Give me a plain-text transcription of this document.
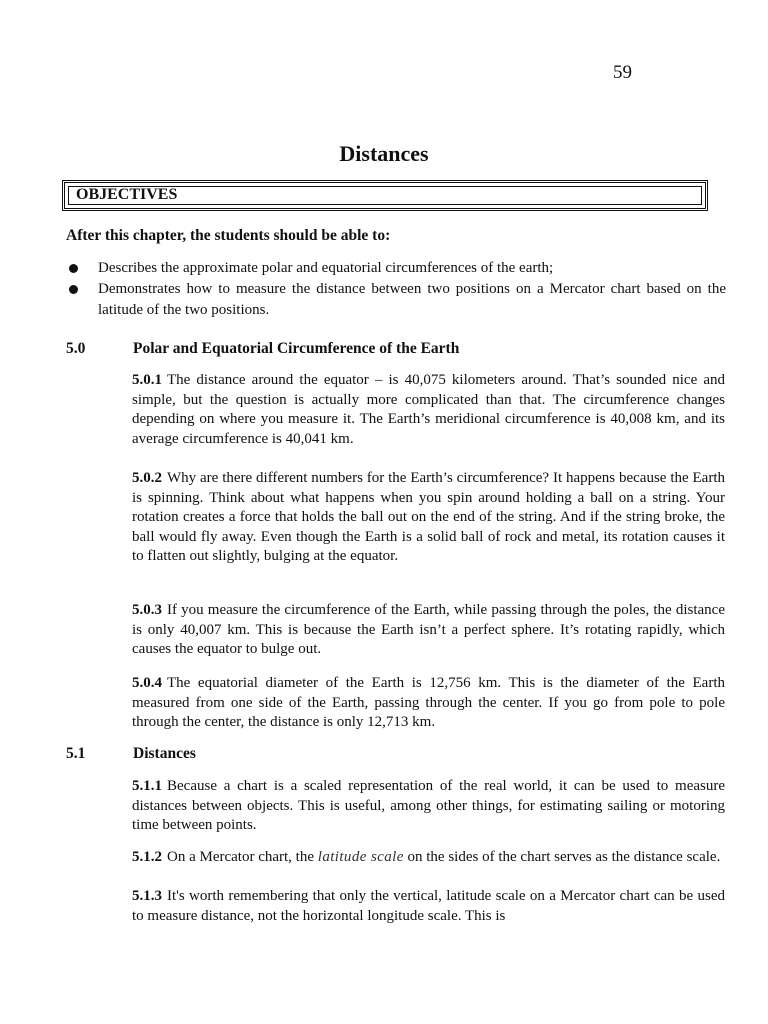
59
Distances
OBJECTIVES
After this chapter, the students should be able to:
Describes the approximate polar and equatorial circumferences of the earth;
Demonstrates how to measure the distance between two positions on a Mercator chart based on the latitude of the two positions.
5.0	Polar and Equatorial Circumference of the Earth
5.0.1 The distance around the equator – is 40,075 kilometers around. That’s sounded nice and simple, but the question is actually more complicated than that. The circumference changes depending on where you measure it. The Earth’s meridional circumference is 40,008 km, and its average circumference is 40,041 km.
5.0.2 Why are there different numbers for the Earth’s circumference? It happens because the Earth is spinning. Think about what happens when you spin around holding a ball on a string. Your rotation creates a force that holds the ball out on the end of the string. And if the string broke, the ball would fly away. Even though the Earth is a solid ball of rock and metal, its rotation causes it to flatten out slightly, bulging at the equator.
5.0.3 If you measure the circumference of the Earth, while passing through the poles, the distance is only 40,007 km. This is because the Earth isn’t a perfect sphere. It’s rotating rapidly, which causes the equator to bulge out.
5.0.4 The equatorial diameter of the Earth is 12,756 km. This is the diameter of the Earth measured from one side of the Earth, passing through the center. If you go from pole to pole through the center, the distance is only 12,713 km.
5.1	Distances
5.1.1 Because a chart is a scaled representation of the real world, it can be used to measure distances between objects. This is useful, among other things, for estimating sailing or motoring time between points.
5.1.2 On a Mercator chart, the latitude scale on the sides of the chart serves as the distance scale.
5.1.3 It's worth remembering that only the vertical, latitude scale on a Mercator chart can be used to measure distance, not the horizontal longitude scale. This is
